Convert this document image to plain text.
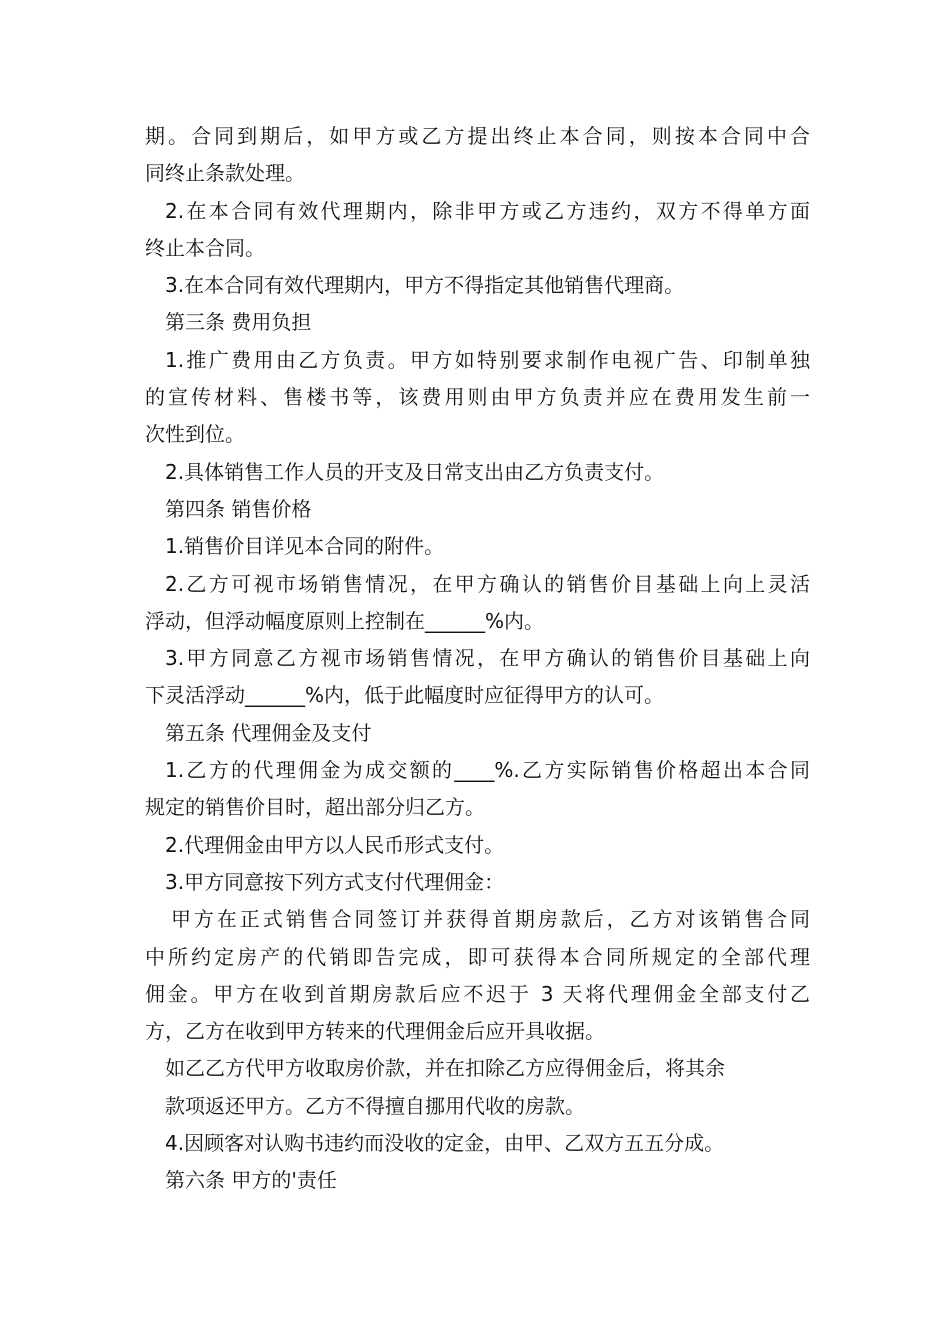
期。合同到期后，如甲方或乙方提出终止本合同，则按本合同中合
同终止条款处理。
2.在本合同有效代理期内，除非甲方或乙方违约，双方不得单方面
终止本合同。
3.在本合同有效代理期内，甲方不得指定其他销售代理商。
第三条 费用负担
1.推广费用由乙方负责。甲方如特别要求制作电视广告、印制单独
的宣传材料、售楼书等，该费用则由甲方负责并应在费用发生前一
次性到位。
2.具体销售工作人员的开支及日常支出由乙方负责支付。
第四条 销售价格
1.销售价目详见本合同的附件。
2.乙方可视市场销售情况，在甲方确认的销售价目基础上向上灵活
浮动，但浮动幅度原则上控制在______%内。
3.甲方同意乙方视市场销售情况，在甲方确认的销售价目基础上向
下灵活浮动______%内，低于此幅度时应征得甲方的认可。
第五条 代理佣金及支付
1.乙方的代理佣金为成交额的____%.乙方实际销售价格超出本合同
规定的销售价目时，超出部分归乙方。
2.代理佣金由甲方以人民币形式支付。
3.甲方同意按下列方式支付代理佣金：
甲方在正式销售合同签订并获得首期房款后，乙方对该销售合同
中所约定房产的代销即告完成，即可获得本合同所规定的全部代理
佣金。甲方在收到首期房款后应不迟于 3 天将代理佣金全部支付乙
方，乙方在收到甲方转来的代理佣金后应开具收据。
如乙乙方代甲方收取房价款，并在扣除乙方应得佣金后，将其余
款项返还甲方。乙方不得擅自挪用代收的房款。
4.因顾客对认购书违约而没收的定金，由甲、乙双方五五分成。
第六条 甲方的'责任
